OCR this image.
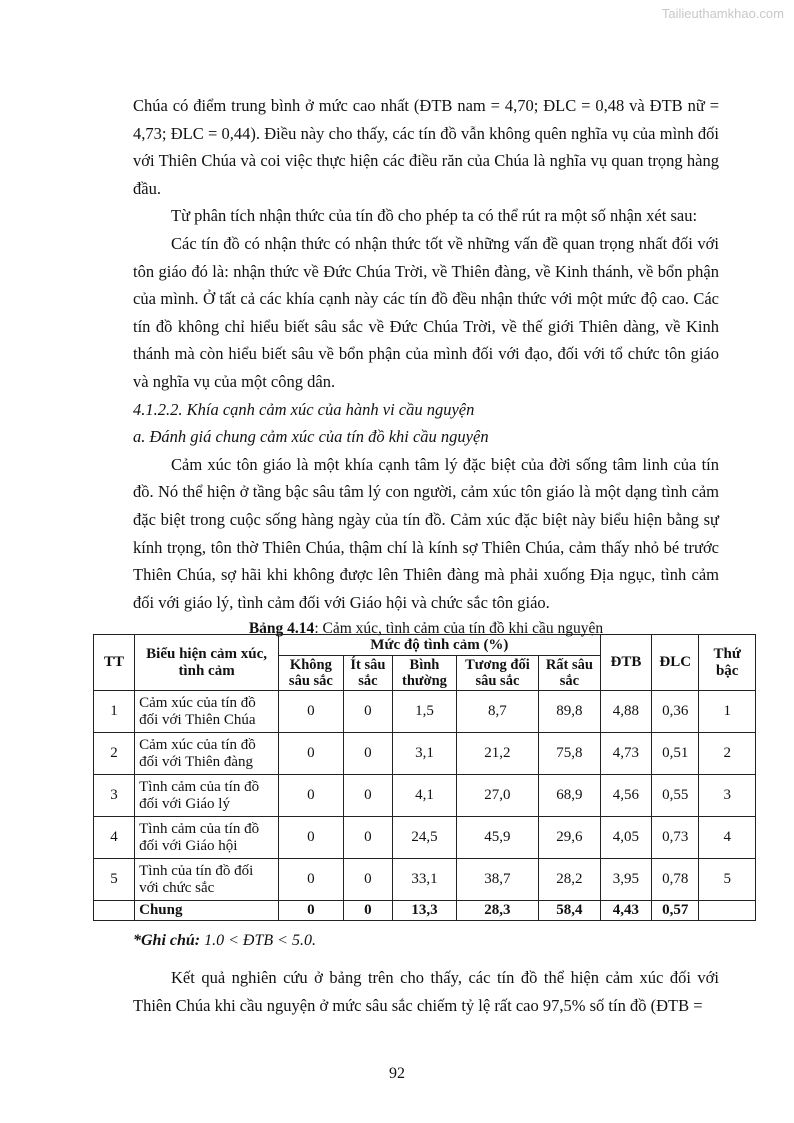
Tailieuthamkhao.com

Chúa có điểm trung bình ở mức cao nhất (ĐTB nam = 4,70; ĐLC = 0,48 và ĐTB nữ = 4,73; ĐLC = 0,44). Điều này cho thấy, các tín đồ vẫn không quên nghĩa vụ của mình đối với Thiên Chúa và coi việc thực hiện các điều răn của Chúa là nghĩa vụ quan trọng hàng đầu.

Từ phân tích nhận thức của tín đồ cho phép ta có thể rút ra một số nhận xét sau:

Các tín đồ có nhận thức có nhận thức tốt về những vấn đề quan trọng nhất đối với tôn giáo đó là: nhận thức về Đức Chúa Trời, về Thiên đàng, về Kinh thánh, về bổn phận của mình. Ở tất cả các khía cạnh này các tín đồ đều nhận thức với một mức độ cao. Các tín đồ không chỉ hiểu biết sâu sắc về Đức Chúa Trời, về thế giới Thiên dàng, về Kinh thánh mà còn hiểu biết sâu về bổn phận của mình đối với đạo, đối với tổ chức tôn giáo và nghĩa vụ của một công dân.

4.1.2.2. Khía cạnh cảm xúc của hành vi cầu nguyện

a. Đánh giá chung cảm xúc của tín đồ khi cầu nguyện

Cảm xúc tôn giáo là một khía cạnh tâm lý đặc biệt của đời sống tâm linh của tín đồ. Nó thể hiện ở tầng bậc sâu tâm lý con người, cảm xúc tôn giáo là một dạng tình cảm đặc biệt trong cuộc sống hàng ngày của tín đồ. Cảm xúc đặc biệt này biểu hiện bằng sự kính trọng, tôn thờ Thiên Chúa, thậm chí là kính sợ Thiên Chúa, cảm thấy nhỏ bé trước Thiên Chúa, sợ hãi khi không được lên Thiên đàng mà phải xuống Địa ngục, tình cảm đối với giáo lý, tình cảm đối với Giáo hội và chức sắc tôn giáo.

Bảng 4.14: Cảm xúc, tình cảm của tín đồ khi cầu nguyện

TT	Biểu hiện cảm xúc, tình cảm	Mức độ tình cảm (%)					ĐTB	ĐLC	Thứ bậc
		Không sâu sắc	Ít sâu sắc	Bình thường	Tương đối sâu sắc	Rất sâu sắc			
1	Cảm xúc của tín đồ đối với Thiên Chúa	0	0	1,5	8,7	89,8	4,88	0,36	1
2	Cảm xúc của tín đồ đối với Thiên đàng	0	0	3,1	21,2	75,8	4,73	0,51	2
3	Tình cảm của tín đồ đối với Giáo lý	0	0	4,1	27,0	68,9	4,56	0,55	3
4	Tình cảm của tín đồ đối với Giáo hội	0	0	24,5	45,9	29,6	4,05	0,73	4
5	Tình của tín đồ đối với chức sắc	0	0	33,1	38,7	28,2	3,95	0,78	5
	Chung	0	0	13,3	28,3	58,4	4,43	0,57	
*Ghi chú: 1.0 < ĐTB < 5.0.

Kết quả nghiên cứu ở bảng trên cho thấy, các tín đồ thể hiện cảm xúc đối với Thiên Chúa khi cầu nguyện ở mức sâu sắc chiếm tỷ lệ rất cao 97,5% số tín đồ (ĐTB =

92
